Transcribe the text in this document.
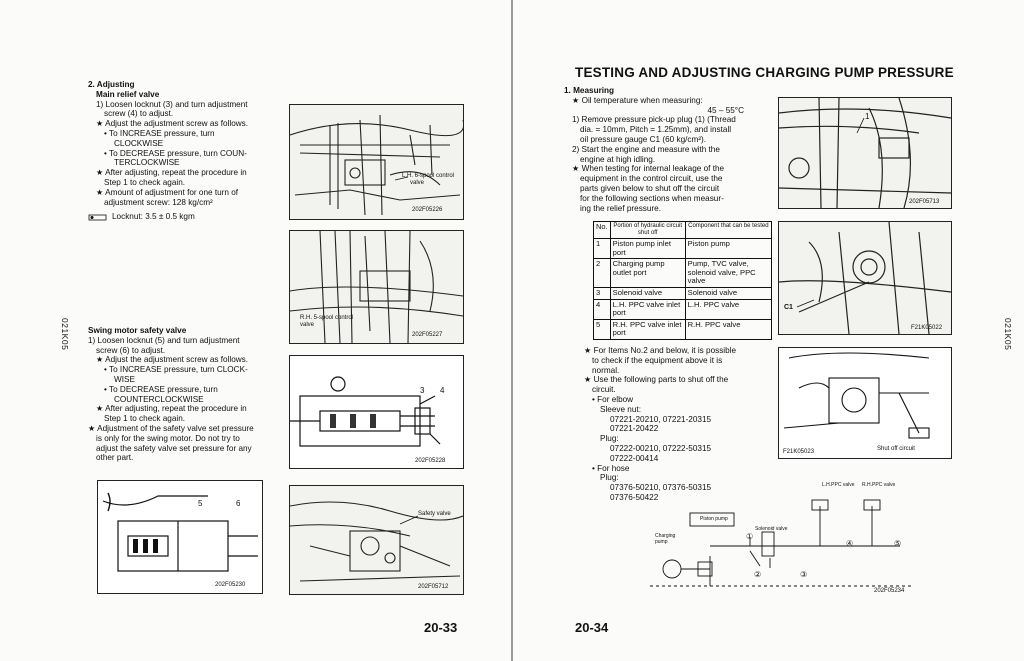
2. Adjusting
Main relief valve
1) Loosen locknut (3) and turn adjustment
screw (4) to adjust.
★ Adjust the adjustment screw as follows.
• To INCREASE pressure, turn
CLOCKWISE
• To DECREASE pressure, turn COUN-
TERCLOCKWISE
★ After adjusting, repeat the procedure in
Step 1 to check again.
★ Amount of adjustment for one turn of
adjustment screw: 128 kg/cm²
Locknut: 3.5 ± 0.5 kgm
Swing motor safety valve
1) Loosen locknut (5) and turn adjustment
screw (6) to adjust.
★ Adjust the adjustment screw as follows.
• To INCREASE pressure, turn CLOCK-
WISE
• To DECREASE pressure, turn
COUNTERCLOCKWISE
★ After adjusting, repeat the procedure in
Step 1 to check again.
★ Adjustment of the safety valve set pressure
is only for the swing motor. Do not try to
adjust the safety valve set pressure for any
other part.
021K05
L.H. 6-spool control
valve
202F05226
R.H. 5-spool control
valve
202F05227
3 4
202F05228
5	6
202F05230
Safety valve
202F05712
20-33
TESTING AND ADJUSTING CHARGING PUMP PRESSURE
1. Measuring
★ Oil temperature when measuring:
45 – 55°C
1) Remove pressure pick-up plug (1) (Thread
dia. = 10mm, Pitch = 1.25mm), and install
oil pressure gauge C1 (60 kg/cm²).
2) Start the engine and measure with the
engine at high idling.
★ When testing for internal leakage of the
equipment in the control circuit, use the
parts given below to shut off the circuit
for the following sections when measur-
ing the relief pressure.
No.	Portion of hydraulic circuit shut off	Component that can be tested
1	Piston pump inlet port	Piston pump
2	Charging pump outlet port	Pump, TVC valve, solenoid valve, PPC valve
3	Solenoid valve	Solenoid valve
4	L.H. PPC valve inlet port	L.H. PPC valve
5	R.H. PPC valve inlet port	R.H. PPC valve
★ For Items No.2 and below, it is possible
to check if the equipment above it is
normal.
★ Use the following parts to shut off the
circuit.
• For elbow
Sleeve nut:
07221-20210, 07221-20315
07221-20422
Plug:
07222-00210, 07222-50315
07222-00414
• For hose
Plug:
07376-50210, 07376-50315
07376-50422
021K05
1
202F05713
C1
F21K05022
F21K05023	Shut off circuit
L.H.PPC valve R.H.PPC valve
Piston pump
Charging
pump
Solenoid valve
①
②	③
④	⑤
202F05234
20-34
